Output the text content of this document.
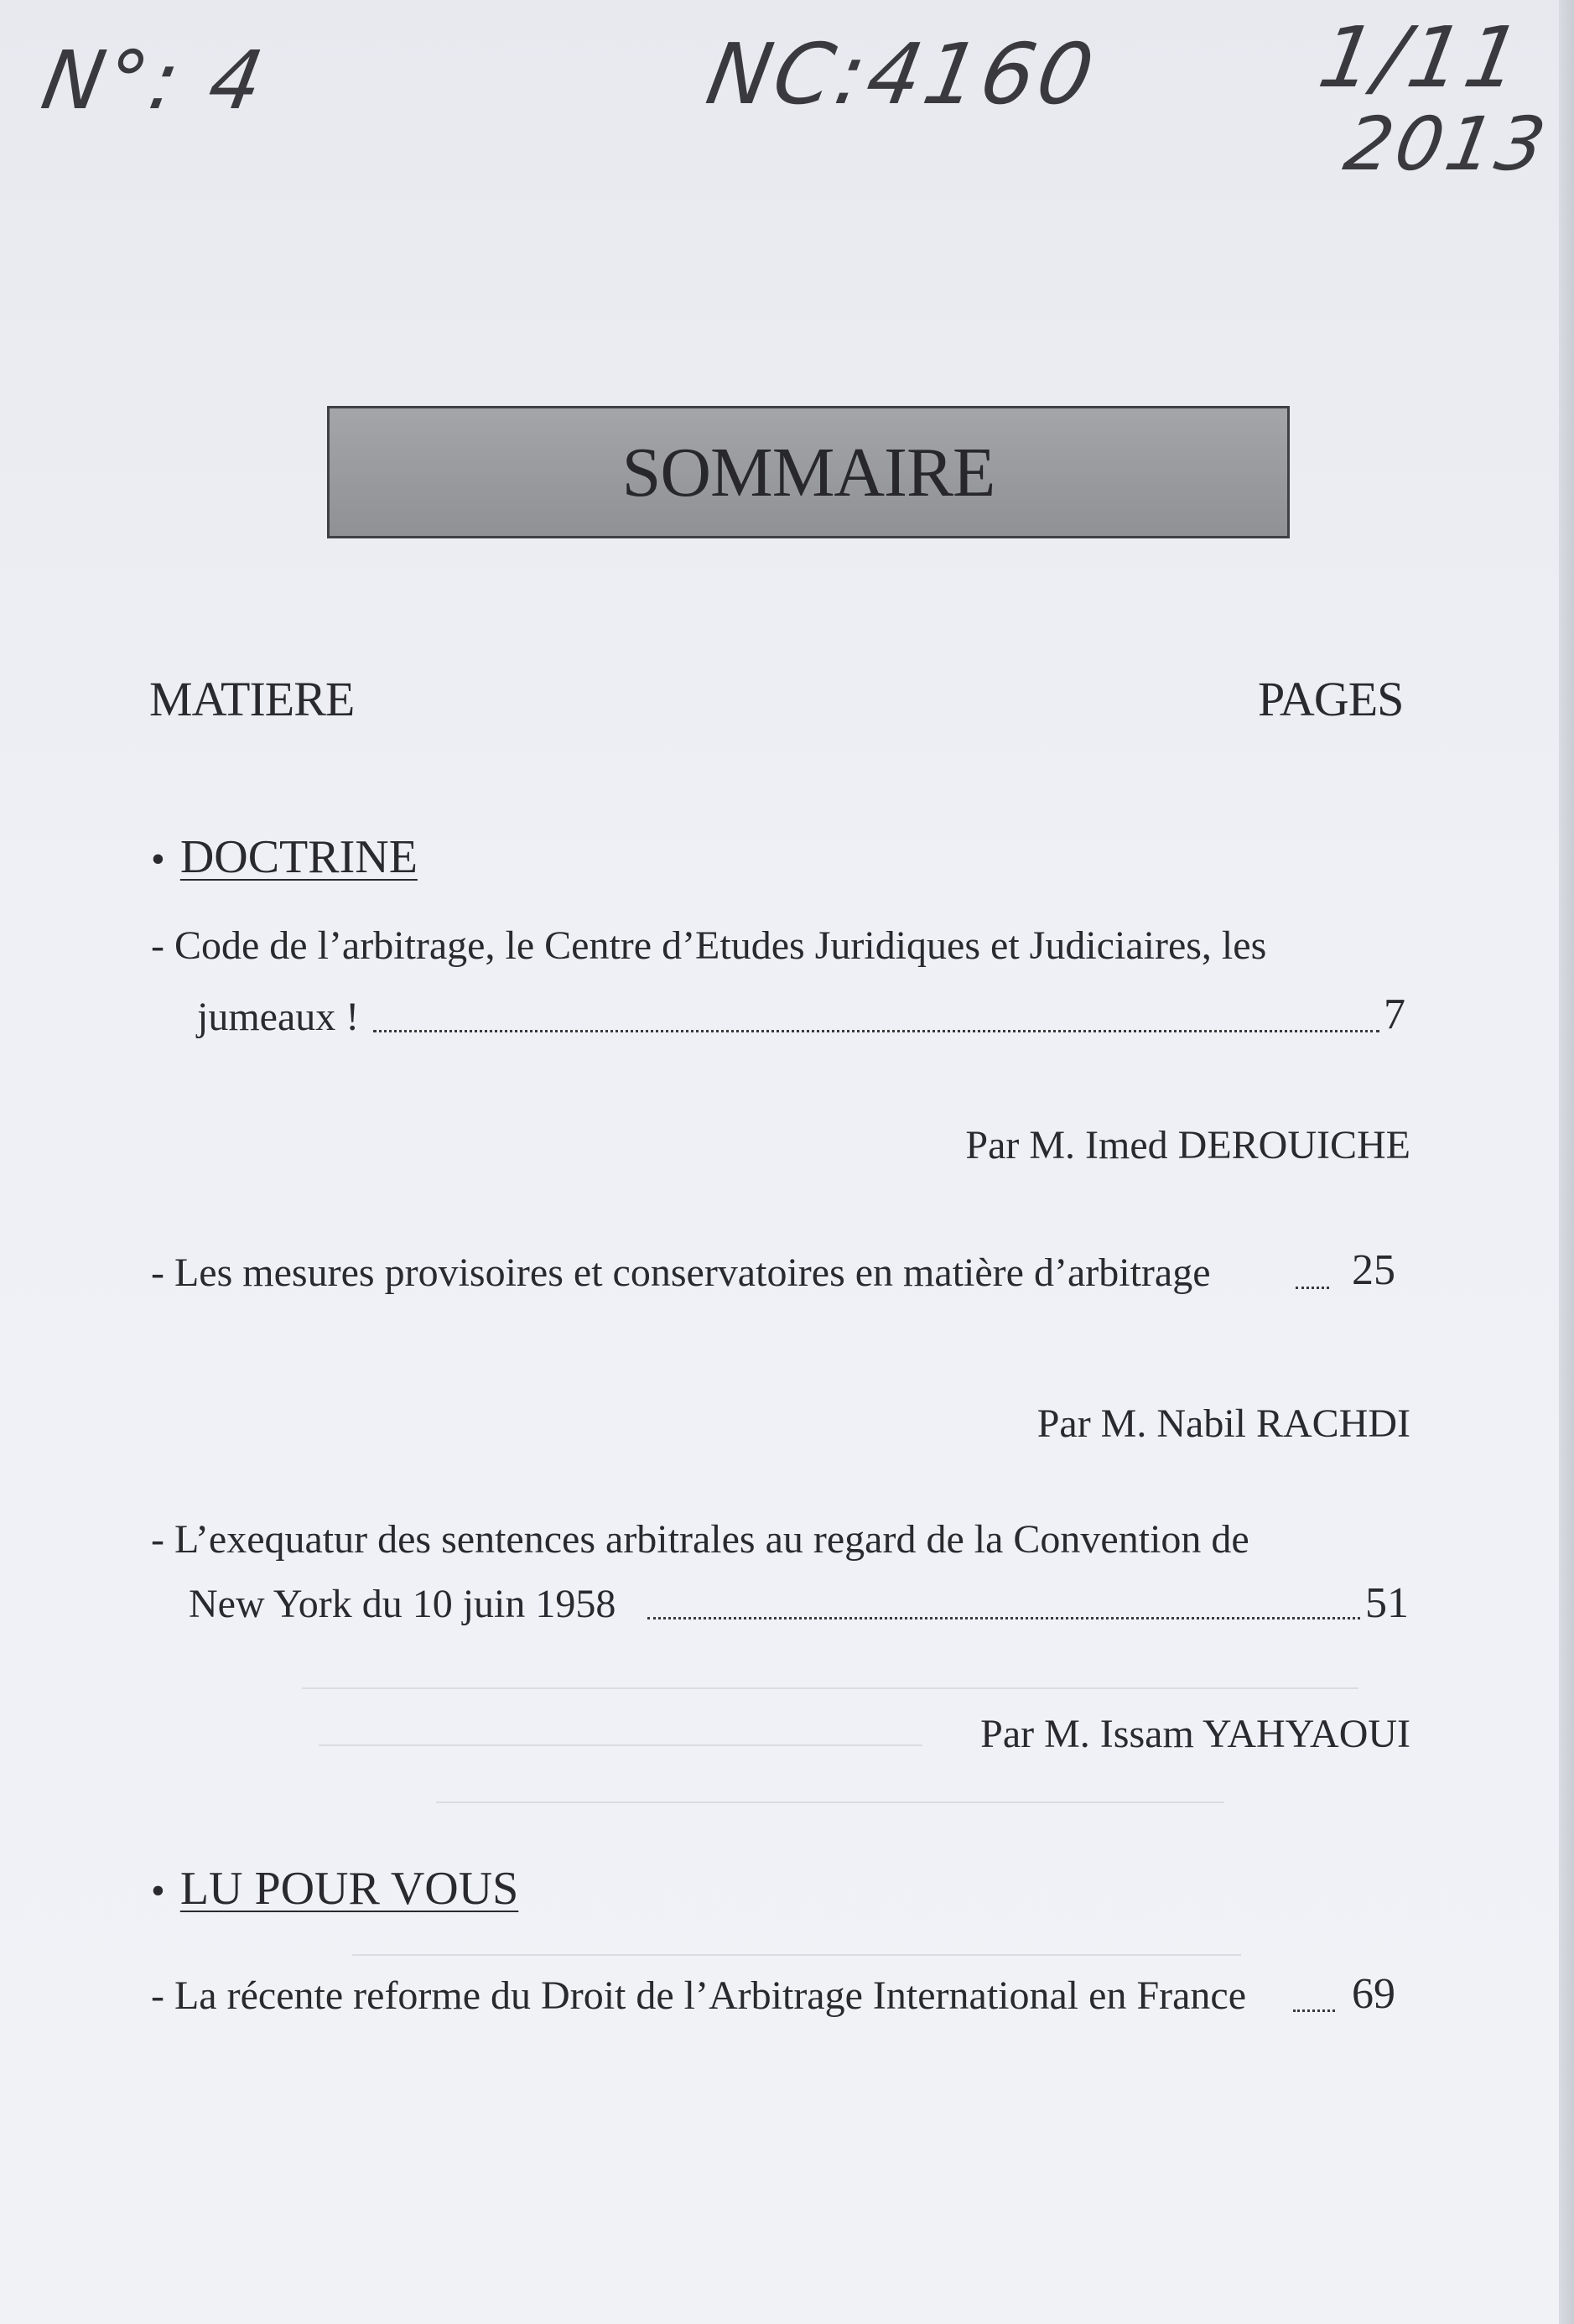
N°: 4	NC:4160 1/11
2013
SOMMAIRE
MATIERE	PAGES
• DOCTRINE
- Code de l’arbitrage, le Centre d’Etudes Juridiques et Judiciaires, les
jumeaux !	7
Par M. Imed DEROUICHE
- Les mesures provisoires et conservatoires en matière d’arbitrage	25
Par M. Nabil RACHDI
- L’exequatur des sentences arbitrales au regard de la Convention de
New York du 10 juin 1958	51
Par M. Issam YAHYAOUI
• LU POUR VOUS
- La récente reforme du Droit de l’Arbitrage International en France 69
